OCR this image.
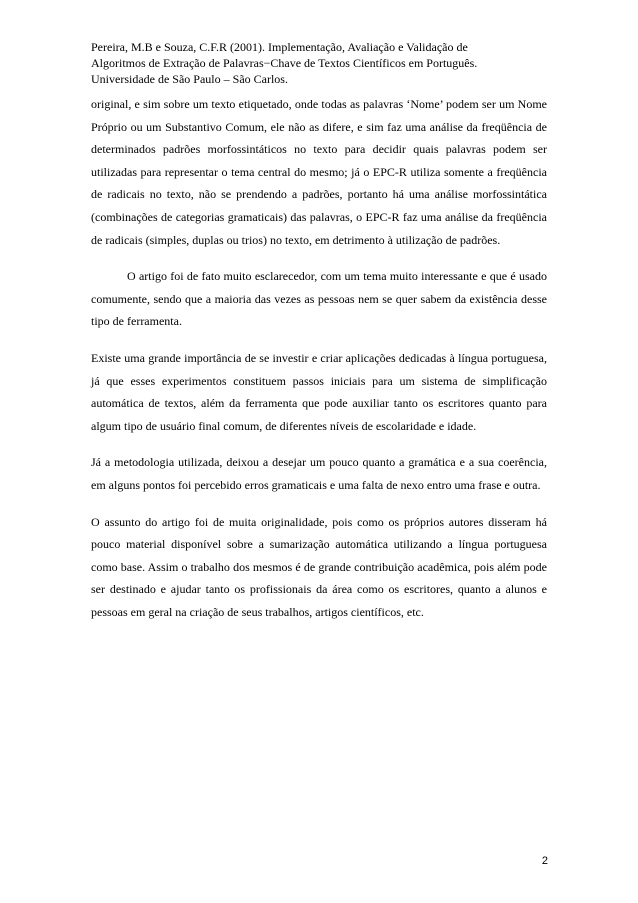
Pereira, M.B e Souza, C.F.R (2001). Implementação, Avaliação e Validação de
Algoritmos de Extração de Palavras−Chave de Textos Científicos em Português.
Universidade de São Paulo – São Carlos.

original, e sim sobre um texto etiquetado, onde todas as palavras ‘Nome’ podem ser um Nome Próprio ou um Substantivo Comum, ele não as difere, e sim faz uma análise da freqüência de determinados padrões morfossintáticos no texto para decidir quais palavras podem ser utilizadas para representar o tema central do mesmo; já o EPC-R utiliza somente a freqüência de radicais no texto, não se prendendo a padrões, portanto há uma análise morfossintática (combinações de categorias gramaticais) das palavras, o EPC-R faz uma análise da freqüência de radicais (simples, duplas ou trios) no texto, em detrimento à utilização de padrões.

O artigo foi de fato muito esclarecedor, com um tema muito interessante e que é usado comumente, sendo que a maioria das vezes as pessoas nem se quer sabem da existência desse tipo de ferramenta.

Existe uma grande importância de se investir e criar aplicações dedicadas à língua portuguesa, já que esses experimentos constituem passos iniciais para um sistema de simplificação automática de textos, além da ferramenta que pode auxiliar tanto os escritores quanto para algum tipo de usuário final comum, de diferentes níveis de escolaridade e idade.

Já a metodologia utilizada, deixou a desejar um pouco quanto a gramática e a sua coerência, em alguns pontos foi percebido erros gramaticais e uma falta de nexo entro uma frase e outra.

O assunto do artigo foi de muita originalidade, pois como os próprios autores disseram há pouco material disponível sobre a sumarização automática utilizando a língua portuguesa como base. Assim o trabalho dos mesmos é de grande contribuição acadêmica, pois além pode ser destinado e ajudar tanto os profissionais da área como os escritores, quanto a alunos e pessoas em geral na criação de seus trabalhos, artigos científicos, etc.

2
